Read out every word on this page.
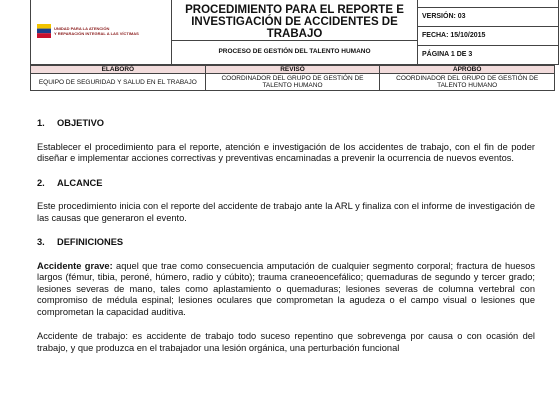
UNIDAD PARA LA ATENCIÓN
Y REPARACIÓN INTEGRAL A LAS VÍCTIMAS

PROCEDIMIENTO PARA EL REPORTE E
INVESTIGACIÓN DE ACCIDENTES DE
TRABAJO
PROCESO DE GESTIÓN DEL TALENTO HUMANO

VERSIÓN: 03
FECHA: 15/10/2015
PÁGINA 1 DE 3

ELABORÓ	REVISÓ	APROBÓ
EQUIPO DE SEGURIDAD Y SALUD EN EL TRABAJO	COORDINADOR DEL GRUPO DE GESTIÓN DE TALENTO HUMANO	COORDINADOR DEL GRUPO DE GESTIÓN DE TALENTO HUMANO
1. OBJETIVO
Establecer el procedimiento para el reporte, atención e investigación de los accidentes de trabajo, con el fin de poder diseñar e implementar acciones correctivas y preventivas encaminadas a prevenir la ocurrencia de nuevos eventos.
2. ALCANCE
Este procedimiento inicia con el reporte del accidente de trabajo ante la ARL y finaliza con el informe de investigación de las causas que generaron el evento.
3. DEFINICIONES
Accidente grave: aquel que trae como consecuencia amputación de cualquier segmento corporal; fractura de huesos largos (fémur, tibia, peroné, húmero, radio y cúbito); trauma craneoencefálico; quemaduras de segundo y tercer grado; lesiones severas de mano, tales como aplastamiento o quemaduras; lesiones severas de columna vertebral con compromiso de médula espinal; lesiones oculares que comprometan la agudeza o el campo visual o lesiones que comprometan la capacidad auditiva.
Accidente de trabajo: es accidente de trabajo todo suceso repentino que sobrevenga por causa o con ocasión del trabajo, y que produzca en el trabajador una lesión orgánica, una perturbación funcional
